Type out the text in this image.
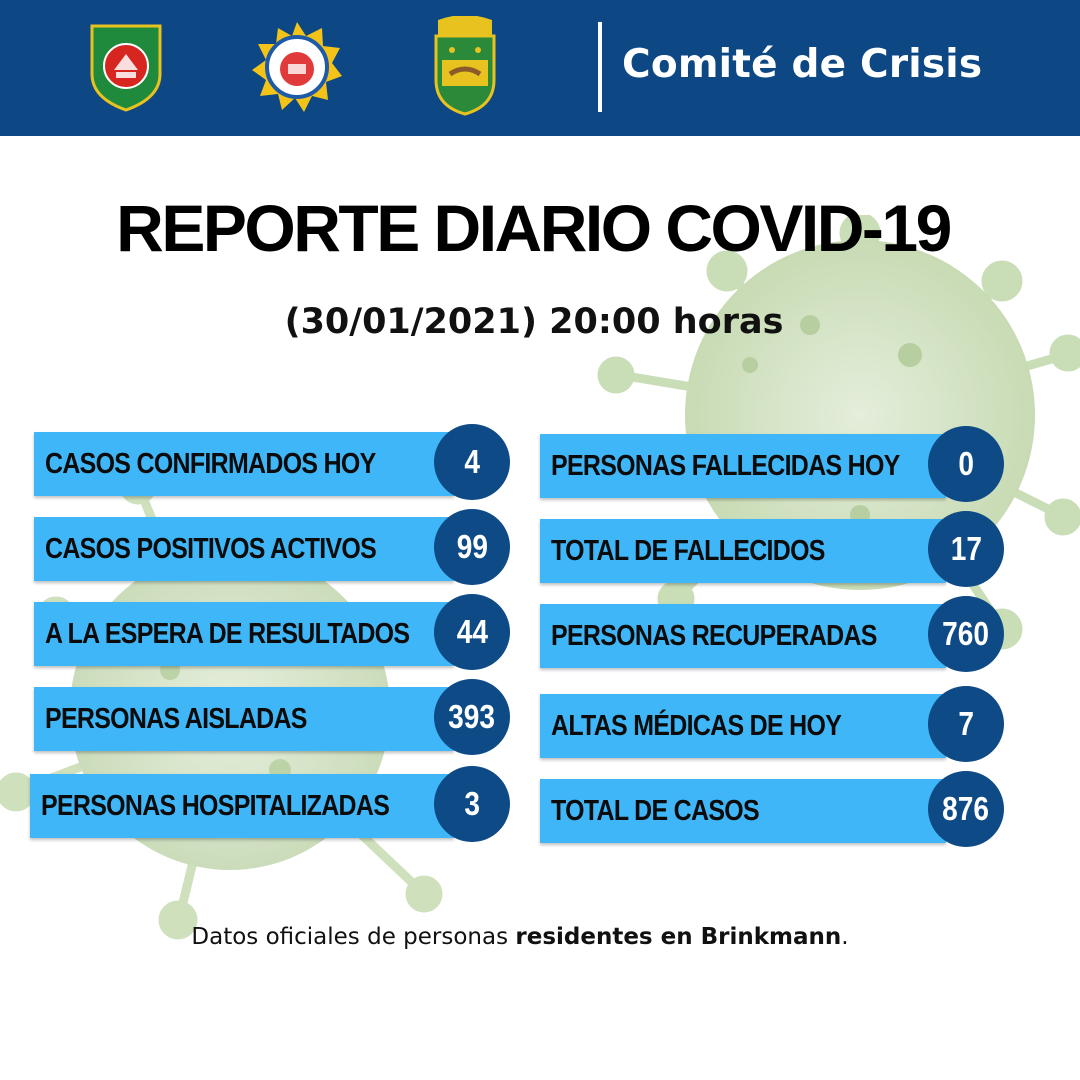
Comité de Crisis
REPORTE DIARIO COVID-19
(30/01/2021) 20:00 horas
CASOS CONFIRMADOS HOY	4
CASOS POSITIVOS ACTIVOS 99
A LA ESPERA DE RESULTADOS 44
PERSONAS AISLADAS	393
PERSONAS HOSPITALIZADAS 3
PERSONAS FALLECIDAS HOY 0
TOTAL DE FALLECIDOS	17
PERSONAS RECUPERADAS 760
ALTAS MÉDICAS DE HOY	7
TOTAL DE CASOS	876
Datos oficiales de personas residentes en Brinkmann.
